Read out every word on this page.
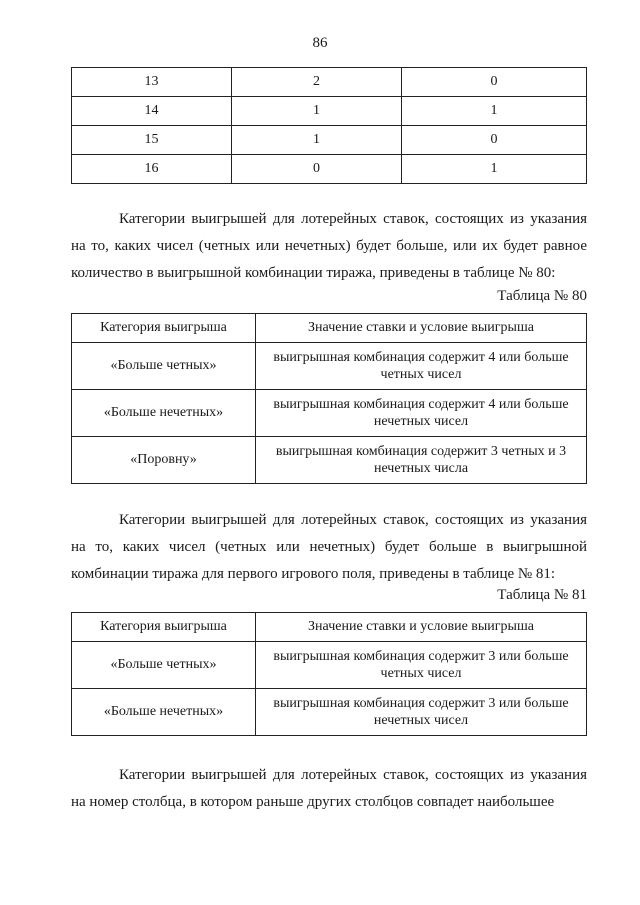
86
13	2	0
14	1	1
15	1	0
16	0	1

Категории выигрышей для лотерейных ставок, состоящих из указания на то, каких чисел (четных или нечетных) будет больше, или их будет равное количество в выигрышной комбинации тиража, приведены в таблице № 80:

Таблица № 80
Категория выигрыша	Значение ставки и условие выигрыша
«Больше четных»	выигрышная комбинация содержит 4 или больше четных чисел
«Больше нечетных»	выигрышная комбинация содержит 4 или больше нечетных чисел
«Поровну»	выигрышная комбинация содержит 3 четных и 3 нечетных числа

Категории выигрышей для лотерейных ставок, состоящих из указания на то, каких чисел (четных или нечетных) будет больше в выигрышной комбинации тиража для первого игрового поля, приведены в таблице № 81:

Таблица № 81
Категория выигрыша	Значение ставки и условие выигрыша
«Больше четных»	выигрышная комбинация содержит 3 или больше четных чисел
«Больше нечетных»	выигрышная комбинация содержит 3 или больше нечетных чисел

Категории выигрышей для лотерейных ставок, состоящих из указания на номер столбца, в котором раньше других столбцов совпадет наибольшее
